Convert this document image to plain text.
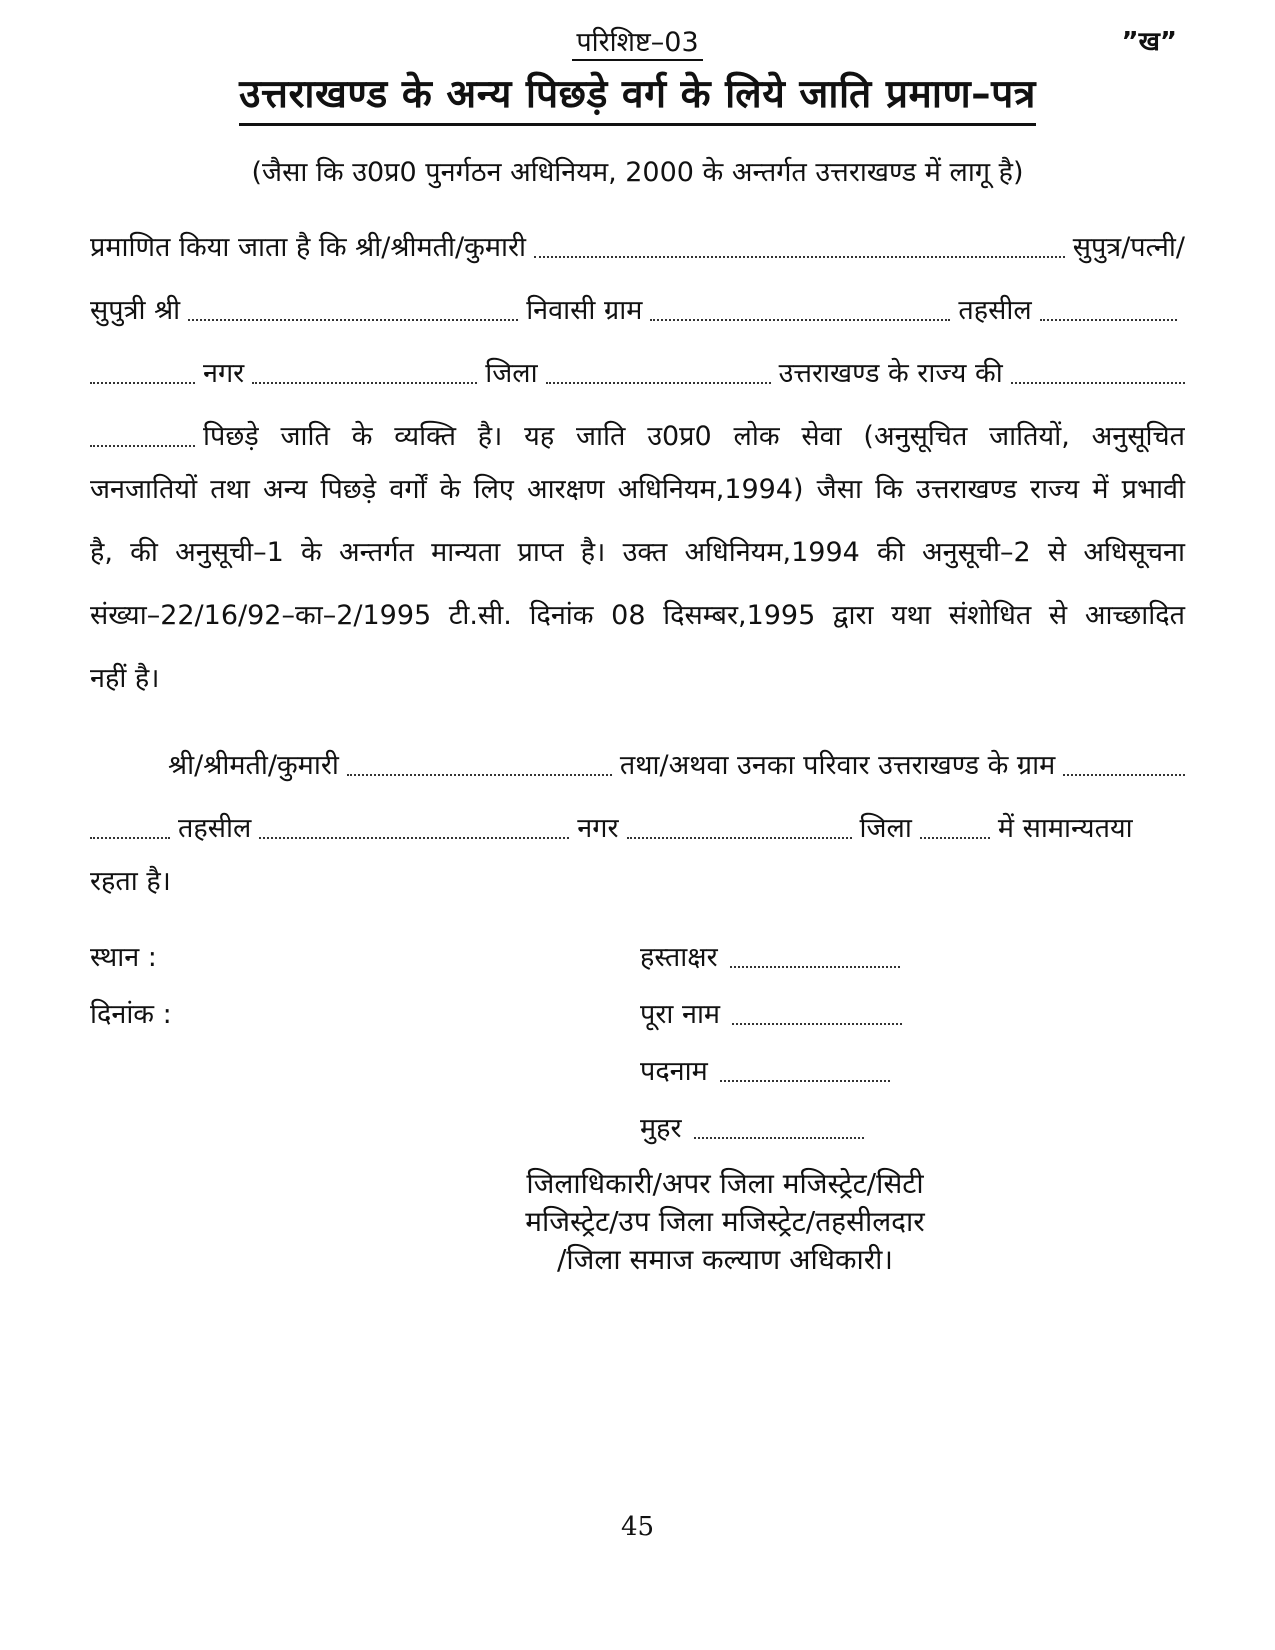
परिशिष्ट–03	”ख”
उत्तराखण्ड के अन्य पिछड़े वर्ग के लिये जाति प्रमाण–पत्र
(जैसा कि उ0प्र0 पुनर्गठन अधिनियम, 2000 के अन्तर्गत उत्तराखण्ड में लागू है)
प्रमाणित किया जाता है कि श्री/श्रीमती/कुमारी	सुपुत्र/पत्नी/
सुपुत्री श्री	निवासी ग्राम	तहसील
नगर	जिला	उत्तराखण्ड के राज्य की
पिछड़े जाति के व्यक्ति है। यह जाति उ0प्र0 लोक सेवा (अनुसूचित जातियों, अनुसूचित
जनजातियों तथा अन्य पिछड़े वर्गों के लिए आरक्षण अधिनियम,1994) जैसा कि उत्तराखण्ड राज्य में प्रभावी
है, की अनुसूची–1 के अन्तर्गत मान्यता प्राप्त है। उक्त अधिनियम,1994 की अनुसूची–2 से अधिसूचना
संख्या–22/16/92–का–2/1995 टी.सी. दिनांक 08 दिसम्बर,1995 द्वारा यथा संशोधित से आच्छादित
नहीं है।
श्री/श्रीमती/कुमारी	तथा/अथवा उनका परिवार उत्तराखण्ड के ग्राम
तहसील	नगर	जिला	में सामान्यतया
रहता है।
स्थान :	हस्ताक्षर
दिनांक :	पूरा नाम
पदनाम
मुहर
जिलाधिकारी/अपर जिला मजिस्ट्रेट/सिटी
मजिस्ट्रेट/उप जिला मजिस्ट्रेट/तहसीलदार
/जिला समाज कल्याण अधिकारी।
45
